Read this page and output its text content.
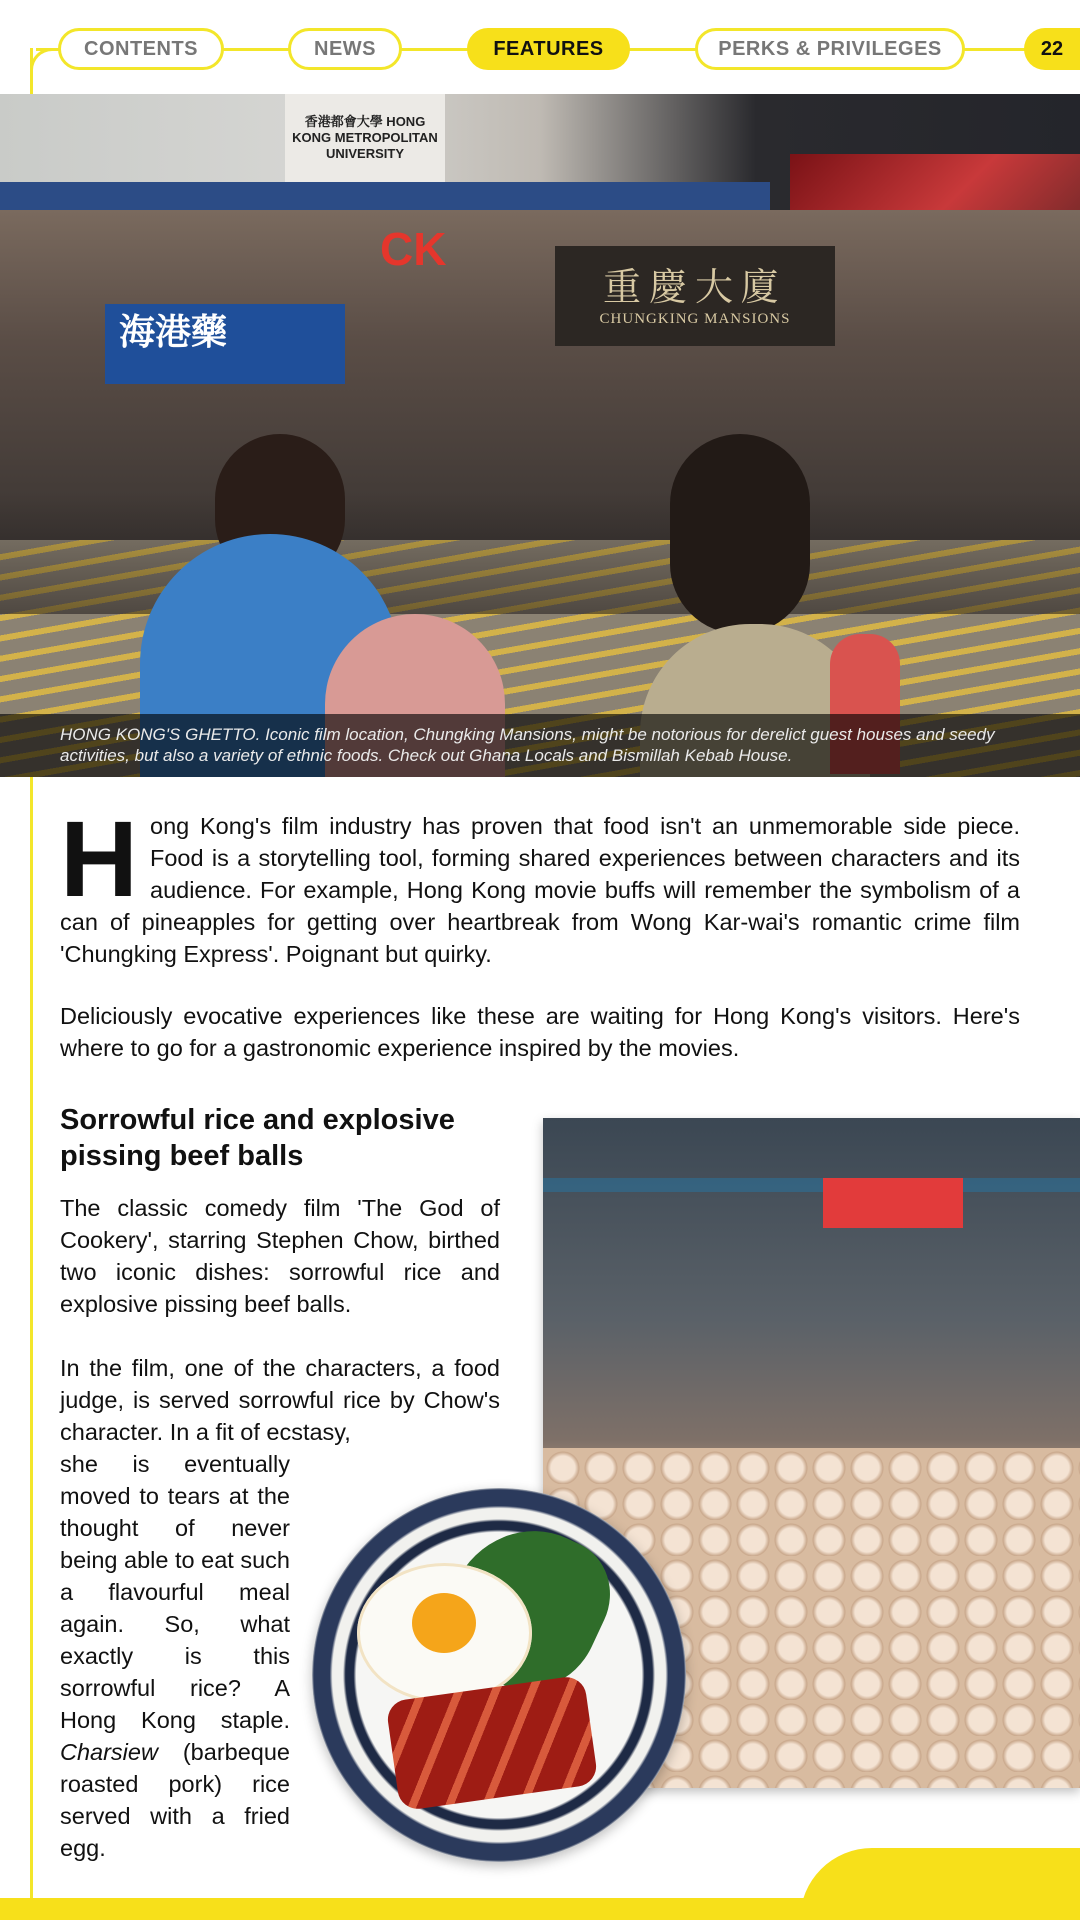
CONTENTS	NEWS	FEATURES	PERKS & PRIVILEGES	22
香港都會大學 HONG KONG METROPOLITAN UNIVERSITY
CK
重慶大廈
CHUNGKING MANSIONS
海港藥
HONG KONG'S GHETTO. Iconic film location, Chungking Mansions, might be notorious for derelict guest houses and seedy activities, but also a variety of ethnic foods. Check out Ghana Locals and Bismillah Kebab House.
Hong Kong's film industry has proven that food isn't an unmemorable side piece. Food is a storytelling tool, forming shared experiences between characters and its audience. For example, Hong Kong movie buffs will remember the symbolism of a can of pineapples for getting over heartbreak from Wong Kar-wai's romantic crime film 'Chungking Express'. Poignant but quirky.
Deliciously evocative experiences like these are waiting for Hong Kong's visitors. Here's where to go for a gastronomic experience inspired by the movies.
Sorrowful rice and explosive pissing beef balls
The classic comedy film 'The God of Cookery', starring Stephen Chow, birthed two iconic dishes: sorrowful rice and explosive pissing beef balls.
In the film, one of the characters, a food judge, is served sorrowful rice by Chow's character. In a fit of ecstasy,
she is eventually moved to tears at the thought of never being able to eat such a flavourful meal again. So, what exactly is this sorrowful rice? A Hong Kong staple. Charsiew (barbeque roasted pork) rice served with a fried egg.
